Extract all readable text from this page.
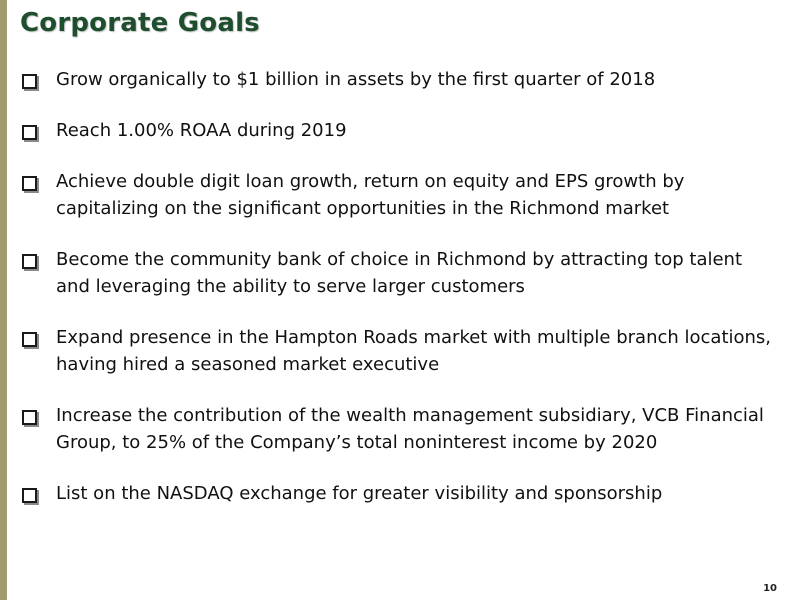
Corporate Goals
Grow organically to $1 billion in assets by the first quarter of 2018
Reach 1.00% ROAA during 2019
Achieve double digit loan growth, return on equity and EPS growth by capitalizing on the significant opportunities in the Richmond market
Become the community bank of choice in Richmond by attracting top talent and leveraging the ability to serve larger customers
Expand presence in the Hampton Roads market with multiple branch locations, having hired a seasoned market executive
Increase the contribution of the wealth management subsidiary, VCB Financial Group, to 25% of the Company’s total noninterest income by 2020
List on the NASDAQ exchange for greater visibility and sponsorship
10
